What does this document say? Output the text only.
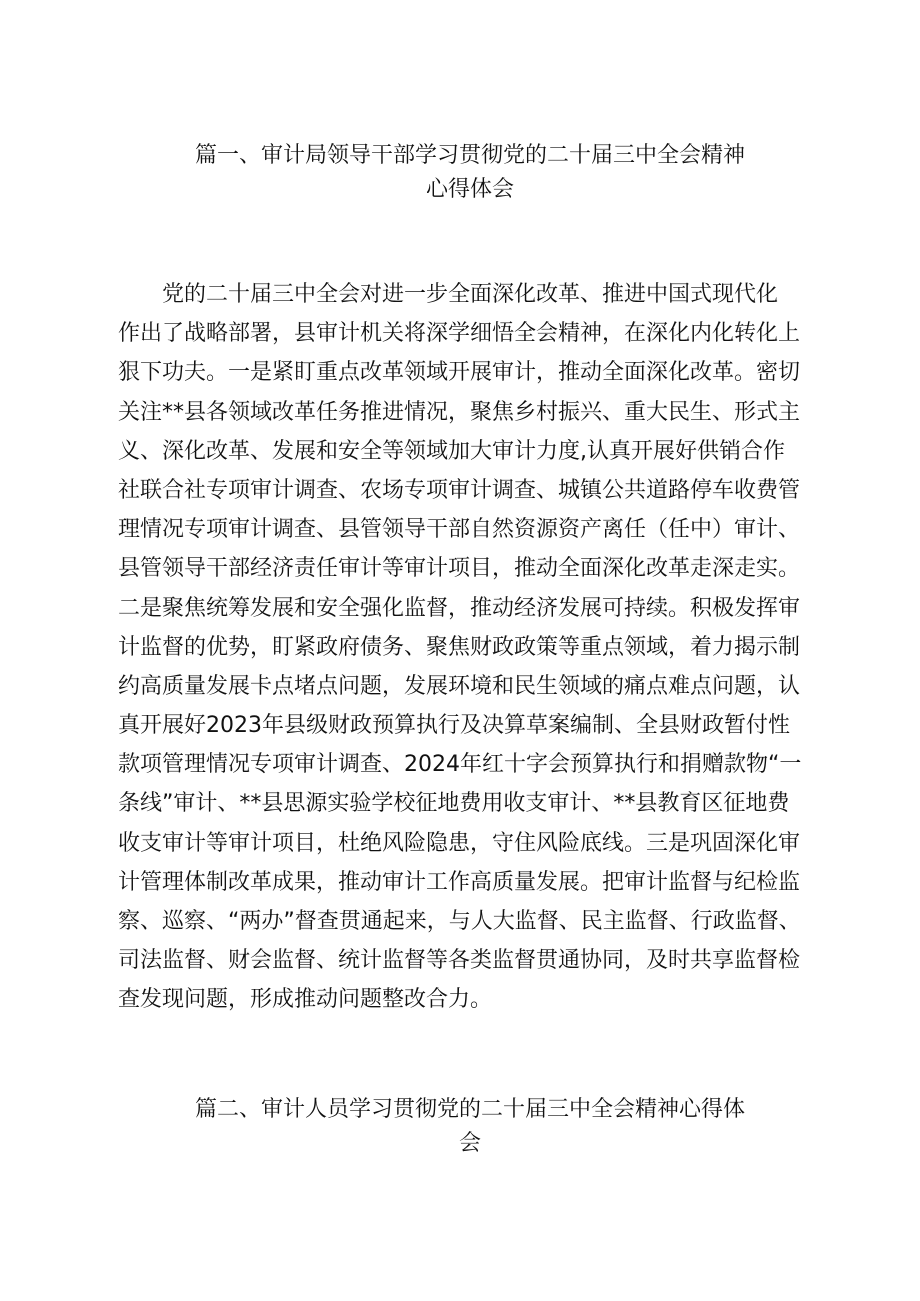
篇一、审计局领导干部学习贯彻党的二十届三中全会精神
心得体会
党的二十届三中全会对进一步全面深化改革、推进中国式现代化
作出了战略部署，县审计机关将深学细悟全会精神，在深化内化转化上
狠下功夫。一是紧盯重点改革领域开展审计，推动全面深化改革。密切
关注**县各领域改革任务推进情况，聚焦乡村振兴、重大民生、形式主
义、深化改革、发展和安全等领域加大审计力度,认真开展好供销合作
社联合社专项审计调查、农场专项审计调查、城镇公共道路停车收费管
理情况专项审计调查、县管领导干部自然资源资产离任（任中）审计、
县管领导干部经济责任审计等审计项目，推动全面深化改革走深走实。
二是聚焦统筹发展和安全强化监督，推动经济发展可持续。积极发挥审
计监督的优势，盯紧政府债务、聚焦财政政策等重点领域，着力揭示制
约高质量发展卡点堵点问题，发展环境和民生领域的痛点难点问题，认
真开展好2023年县级财政预算执行及决算草案编制、全县财政暂付性
款项管理情况专项审计调查、2024年红十字会预算执行和捐赠款物“一
条线”审计、**县思源实验学校征地费用收支审计、**县教育区征地费
收支审计等审计项目，杜绝风险隐患，守住风险底线。三是巩固深化审
计管理体制改革成果，推动审计工作高质量发展。把审计监督与纪检监
察、巡察、“两办”督查贯通起来，与人大监督、民主监督、行政监督、
司法监督、财会监督、统计监督等各类监督贯通协同，及时共享监督检
查发现问题，形成推动问题整改合力。
篇二、审计人员学习贯彻党的二十届三中全会精神心得体
会
